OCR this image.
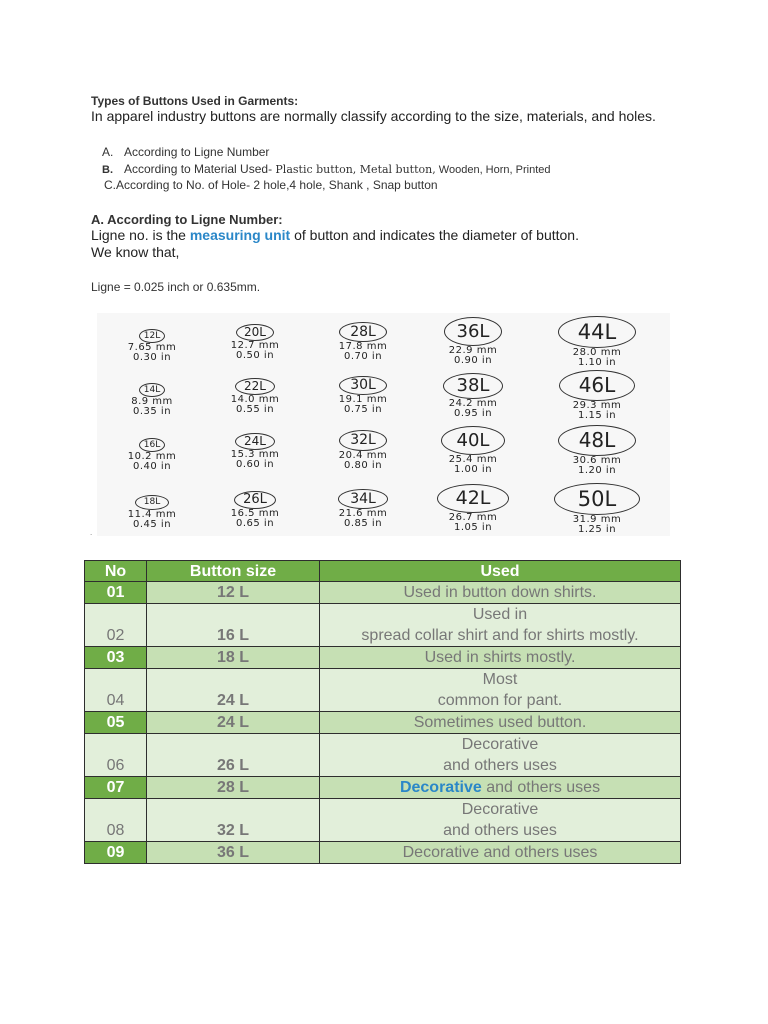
Types of Buttons Used in Garments:
In apparel industry buttons are normally classify according to the size, materials, and holes.
A. According to Ligne Number
B. According to Material Used- Plastic button, Metal button, Wooden, Horn, Printed
C.According to No. of Hole- 2 hole,4 hole, Shank , Snap button
A. According to Ligne Number:
Ligne no. is the measuring unit of button and indicates the diameter of button.
We know that,
Ligne = 0.025 inch or 0.635mm.
12L
7.65 mm
0.30 in
20L
12.7 mm
0.50 in
28L
17.8 mm
0.70 in
36L
22.9 mm
0.90 in
44L
28.0 mm
1.10 in
14L
8.9 mm
0.35 in
22L
14.0 mm
0.55 in
30L
19.1 mm
0.75 in
38L
24.2 mm
0.95 in
46L
29.3 mm
1.15 in
16L
10.2 mm
0.40 in
24L
15.3 mm
0.60 in
32L
20.4 mm
0.80 in
40L
25.4 mm
1.00 in
48L
30.6 mm
1.20 in
18L
11.4 mm
0.45 in
26L
16.5 mm
0.65 in
34L
21.6 mm
0.85 in
42L
26.7 mm
1.05 in
50L
31.9 mm
1.25 in
.
No	Button size	Used
01	12 L	Used in button down shirts.
02	16 L	Used in
spread collar shirt and for shirts mostly.

03	18 L	Used in shirts mostly.
04	24 L	Most
common for pant.

05	24 L	Sometimes used button.
06	26 L	Decorative
and others uses

07	28 L	Decorative and others uses
08	32 L	Decorative
and others uses

09	36 L	Decorative and others uses
